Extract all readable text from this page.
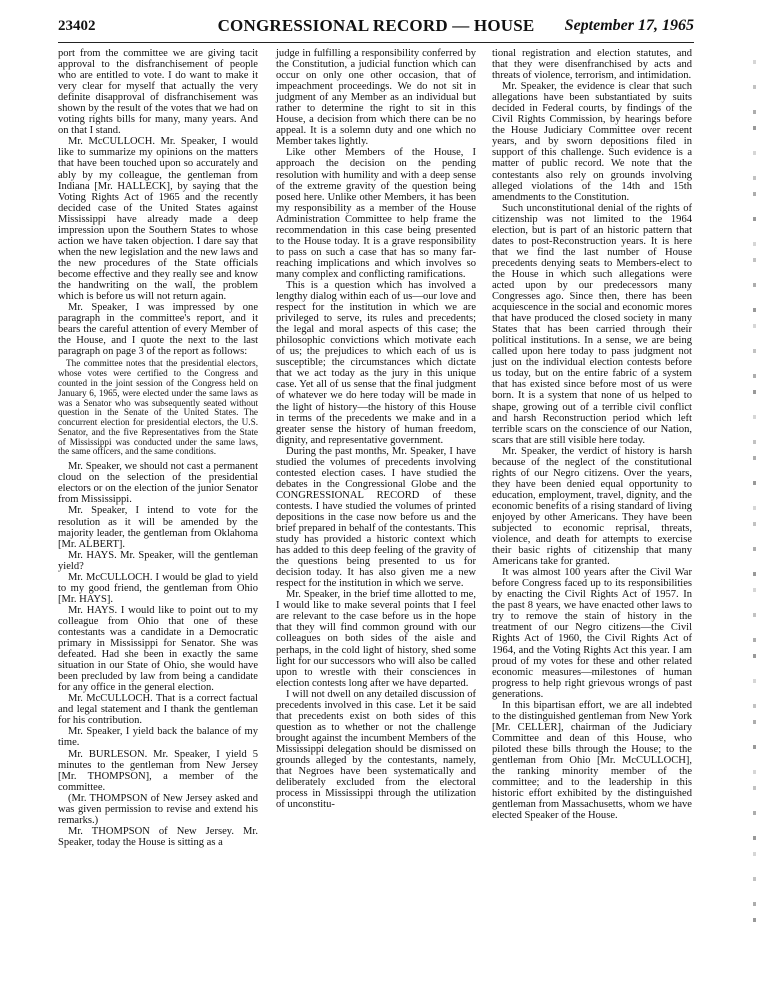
23402	CONGRESSIONAL RECORD — HOUSE	September 17, 1965

port from the committee we are giving tacit approval to the disfranchisement of people who are entitled to vote. I do want to make it very clear for myself that actually the very definite disapproval of disfranchisement was shown by the result of the votes that we had on voting rights bills for many, many years. And on that I stand.

Mr. McCULLOCH. Mr. Speaker, I would like to summarize my opinions on the matters that have been touched upon so accurately and ably by my colleague, the gentleman from Indiana [Mr. HALLECK], by saying that the Voting Rights Act of 1965 and the recently decided case of the United States against Mississippi have already made a deep impression upon the Southern States to whose action we have taken objection. I dare say that when the new legislation and the new laws and the new procedures of the State officials become effective and they really see and know the handwriting on the wall, the problem which is before us will not return again.

Mr. Speaker, I was impressed by one paragraph in the committee's report, and it bears the careful attention of every Member of the House, and I quote the next to the last paragraph on page 3 of the report as follows:

The committee notes that the presidential electors, whose votes were certified to the Congress and counted in the joint session of the Congress held on January 6, 1965, were elected under the same laws as was a Senator who was subsequently seated without question in the Senate of the United States. The concurrent election for presidential electors, the U.S. Senator, and the five Representatives from the State of Mississippi was conducted under the same laws, the same officers, and the same conditions.

Mr. Speaker, we should not cast a permanent cloud on the selection of the presidential electors or on the election of the junior Senator from Mississippi.

Mr. Speaker, I intend to vote for the resolution as it will be amended by the majority leader, the gentleman from Oklahoma [Mr. ALBERT].

Mr. HAYS. Mr. Speaker, will the gentleman yield?

Mr. McCULLOCH. I would be glad to yield to my good friend, the gentleman from Ohio [Mr. HAYS].

Mr. HAYS. I would like to point out to my colleague from Ohio that one of these contestants was a candidate in a Democratic primary in Mississippi for Senator. She was defeated. Had she been in exactly the same situation in our State of Ohio, she would have been precluded by law from being a candidate for any office in the general election.

Mr. McCULLOCH. That is a correct factual and legal statement and I thank the gentleman for his contribution.

Mr. Speaker, I yield back the balance of my time.

Mr. BURLESON. Mr. Speaker, I yield 5 minutes to the gentleman from New Jersey [Mr. THOMPSON], a member of the committee.

(Mr. THOMPSON of New Jersey asked and was given permission to revise and extend his remarks.)

Mr. THOMPSON of New Jersey. Mr. Speaker, today the House is sitting as a

judge in fulfilling a responsibility conferred by the Constitution, a judicial function which can occur on only one other occasion, that of impeachment proceedings. We do not sit in judgment of any Member as an individual but rather to determine the right to sit in this House, a decision from which there can be no appeal. It is a solemn duty and one which no Member takes lightly.

Like other Members of the House, I approach the decision on the pending resolution with humility and with a deep sense of the extreme gravity of the question being posed here. Unlike other Members, it has been my responsibility as a member of the House Administration Committee to help frame the recommendation in this case being presented to the House today. It is a grave responsibility to pass on such a case that has so many far-reaching implications and which involves so many complex and conflicting ramifications.

This is a question which has involved a lengthy dialog within each of us—our love and respect for the institution in which we are privileged to serve, its rules and precedents; the legal and moral aspects of this case; the philosophic convictions which motivate each of us; the prejudices to which each of us is susceptible; the circumstances which dictate that we act today as the jury in this unique case. Yet all of us sense that the final judgment of whatever we do here today will be made in the light of history—the history of this House in terms of the precedents we make and in a greater sense the history of human freedom, dignity, and representative government.

During the past months, Mr. Speaker, I have studied the volumes of precedents involving contested election cases. I have studied the debates in the Congressional Globe and the CONGRESSIONAL RECORD of these contests. I have studied the volumes of printed depositions in the case now before us and the brief prepared in behalf of the contestants. This study has provided a historic context which has added to this deep feeling of the gravity of the questions being presented to us for decision today. It has also given me a new respect for the institution in which we serve.

Mr. Speaker, in the brief time allotted to me, I would like to make several points that I feel are relevant to the case before us in the hope that they will find common ground with our colleagues on both sides of the aisle and perhaps, in the cold light of history, shed some light for our successors who will also be called upon to wrestle with their consciences in election contests long after we have departed.

I will not dwell on any detailed discussion of precedents involved in this case. Let it be said that precedents exist on both sides of this question as to whether or not the challenge brought against the incumbent Members of the Mississippi delegation should be dismissed on grounds alleged by the contestants, namely, that Negroes have been systematically and deliberately excluded from the electoral process in Mississippi through the utilization of unconstitu-

tional registration and election statutes, and that they were disenfranchised by acts and threats of violence, terrorism, and intimidation.

Mr. Speaker, the evidence is clear that such allegations have been substantiated by suits decided in Federal courts, by findings of the Civil Rights Commission, by hearings before the House Judiciary Committee over recent years, and by sworn depositions filed in support of this challenge. Such evidence is a matter of public record. We note that the contestants also rely on grounds involving alleged violations of the 14th and 15th amendments to the Constitution.

Such unconstitutional denial of the rights of citizenship was not limited to the 1964 election, but is part of an historic pattern that dates to post-Reconstruction years. It is here that we find the last number of House precedents denying seats to Members-elect to the House in which such allegations were acted upon by our predecessors many Congresses ago. Since then, there has been acquiescence in the social and economic mores that have produced the closed society in many States that has been carried through their political institutions. In a sense, we are being called upon here today to pass judgment not just on the individual election contests before us today, but on the entire fabric of a system that has existed since before most of us were born. It is a system that none of us helped to shape, growing out of a terrible civil conflict and harsh Reconstruction period which left terrible scars on the conscience of our Nation, scars that are still visible here today.

Mr. Speaker, the verdict of history is harsh because of the neglect of the constitutional rights of our Negro citizens. Over the years, they have been denied equal opportunity to education, employment, travel, dignity, and the economic benefits of a rising standard of living enjoyed by other Americans. They have been subjected to economic reprisal, threats, violence, and death for attempts to exercise their basic rights of citizenship that many Americans take for granted.

It was almost 100 years after the Civil War before Congress faced up to its responsibilities by enacting the Civil Rights Act of 1957. In the past 8 years, we have enacted other laws to try to remove the stain of history in the treatment of our Negro citizens—the Civil Rights Act of 1960, the Civil Rights Act of 1964, and the Voting Rights Act this year. I am proud of my votes for these and other related economic measures—milestones of human progress to help right grievous wrongs of past generations.

In this bipartisan effort, we are all indebted to the distinguished gentleman from New York [Mr. CELLER], chairman of the Judiciary Committee and dean of this House, who piloted these bills through the House; to the gentleman from Ohio [Mr. McCULLOCH], the ranking minority member of the committee; and to the leadership in this historic effort exhibited by the distinguished gentleman from Massachusetts, whom we have elected Speaker of the House.
